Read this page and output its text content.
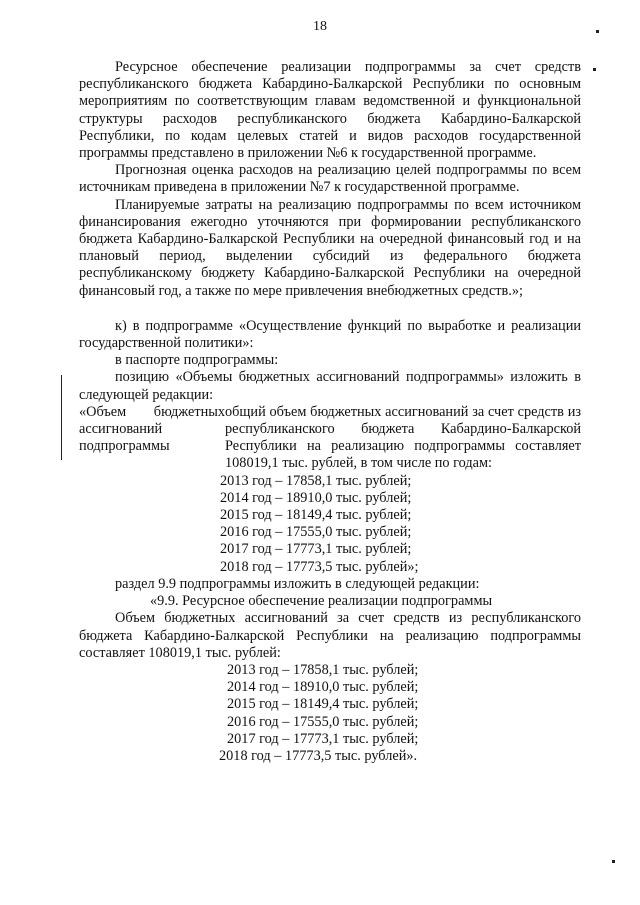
18

Ресурсное обеспечение реализации подпрограммы за счет средств республиканского бюджета Кабардино-Балкарской Республики по основным мероприятиям по соответствующим главам ведомственной и функциональной структуры расходов республиканского бюджета Кабардино-Балкарской Республики, по кодам целевых статей и видов расходов государственной программы представлено в приложении №6 к государственной программе.

Прогнозная оценка расходов на реализацию целей подпрограммы по всем источникам приведена в приложении №7 к государственной программе.

Планируемые затраты на реализацию подпрограммы по всем источником финансирования ежегодно уточняются при формировании республиканского бюджета Кабардино-Балкарской Республики на очередной финансовый год и на плановый период, выделении субсидий из федерального бюджета республиканскому бюджету Кабардино-Балкарской Республики на очередной финансовый год, а также по мере привлечения внебюджетных средств.»;

к) в подпрограмме «Осуществление функций по выработке и реализации государственной политики»:

в паспорте подпрограммы:

позицию «Объемы бюджетных ассигнований подпрограммы» изложить в следующей редакции:

«Объем бюджетных ассигнований подпрограммы

общий объем бюджетных ассигнований за счет средств из республиканского бюджета Кабардино-Балкарской Республики на реализацию подпрограммы составляет 108019,1 тыс. рублей, в том числе по годам:

2013 год – 17858,1 тыс. рублей;
2014 год – 18910,0 тыс. рублей;
2015 год – 18149,4 тыс. рублей;
2016 год – 17555,0 тыс. рублей;
2017 год – 17773,1 тыс. рублей;
2018 год – 17773,5 тыс. рублей»;

раздел 9.9 подпрограммы изложить в следующей редакции:

«9.9. Ресурсное обеспечение реализации подпрограммы

Объем бюджетных ассигнований за счет средств из республиканского бюджета Кабардино-Балкарской Республики на реализацию подпрограммы составляет 108019,1 тыс. рублей:

2013 год – 17858,1 тыс. рублей;
2014 год – 18910,0 тыс. рублей;
2015 год – 18149,4 тыс. рублей;
2016 год – 17555,0 тыс. рублей;
2017 год – 17773,1 тыс. рублей;
2018 год – 17773,5 тыс. рублей».
